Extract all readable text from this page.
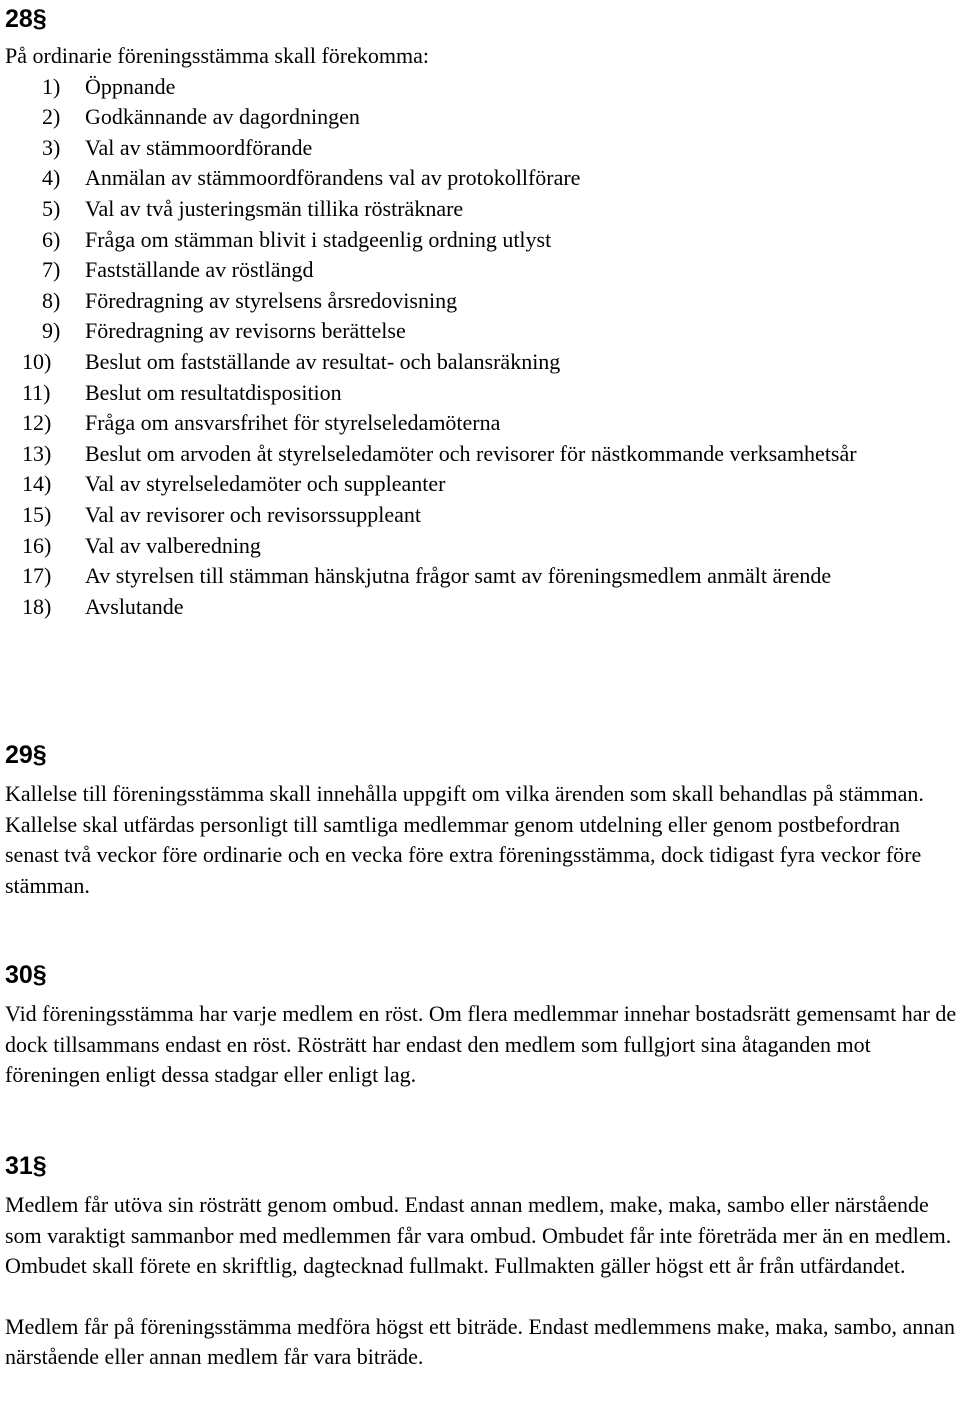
28§

På ordinarie föreningsstämma skall förekomma:

1) Öppnande
2) Godkännande av dagordningen
3) Val av stämmoordförande
4) Anmälan av stämmoordförandens val av protokollförare
5) Val av två justeringsmän tillika rösträknare
6) Fråga om stämman blivit i stadgeenlig ordning utlyst
7) Fastställande av röstlängd
8) Föredragning av styrelsens årsredovisning
9) Föredragning av revisorns berättelse
10) Beslut om fastställande av resultat- och balansräkning
11) Beslut om resultatdisposition
12) Fråga om ansvarsfrihet för styrelseledamöterna
13) Beslut om arvoden åt styrelseledamöter och revisorer för nästkommande verksamhetsår
14) Val av styrelseledamöter och suppleanter
15) Val av revisorer och revisorssuppleant
16) Val av valberedning
17) Av styrelsen till stämman hänskjutna frågor samt av föreningsmedlem anmält ärende
18) Avslutande
29§

Kallelse till föreningsstämma skall innehålla uppgift om vilka ärenden som skall behandlas på stämman. Kallelse skal utfärdas personligt till samtliga medlemmar genom utdelning eller genom postbefordran senast två veckor före ordinarie och en vecka före extra föreningsstämma, dock tidigast fyra veckor före stämman.

30§

Vid föreningsstämma har varje medlem en röst. Om flera medlemmar innehar bostadsrätt gemensamt har de dock tillsammans endast en röst. Rösträtt har endast den medlem som fullgjort sina åtaganden mot föreningen enligt dessa stadgar eller enligt lag.

31§

Medlem får utöva sin rösträtt genom ombud. Endast annan medlem, make, maka, sambo eller närstående som varaktigt sammanbor med medlemmen får vara ombud. Ombudet får inte företräda mer än en medlem. Ombudet skall förete en skriftlig, dagtecknad fullmakt. Fullmakten gäller högst ett år från utfärdandet.

Medlem får på föreningsstämma medföra högst ett biträde. Endast medlemmens make, maka, sambo, annan närstående eller annan medlem får vara biträde.
